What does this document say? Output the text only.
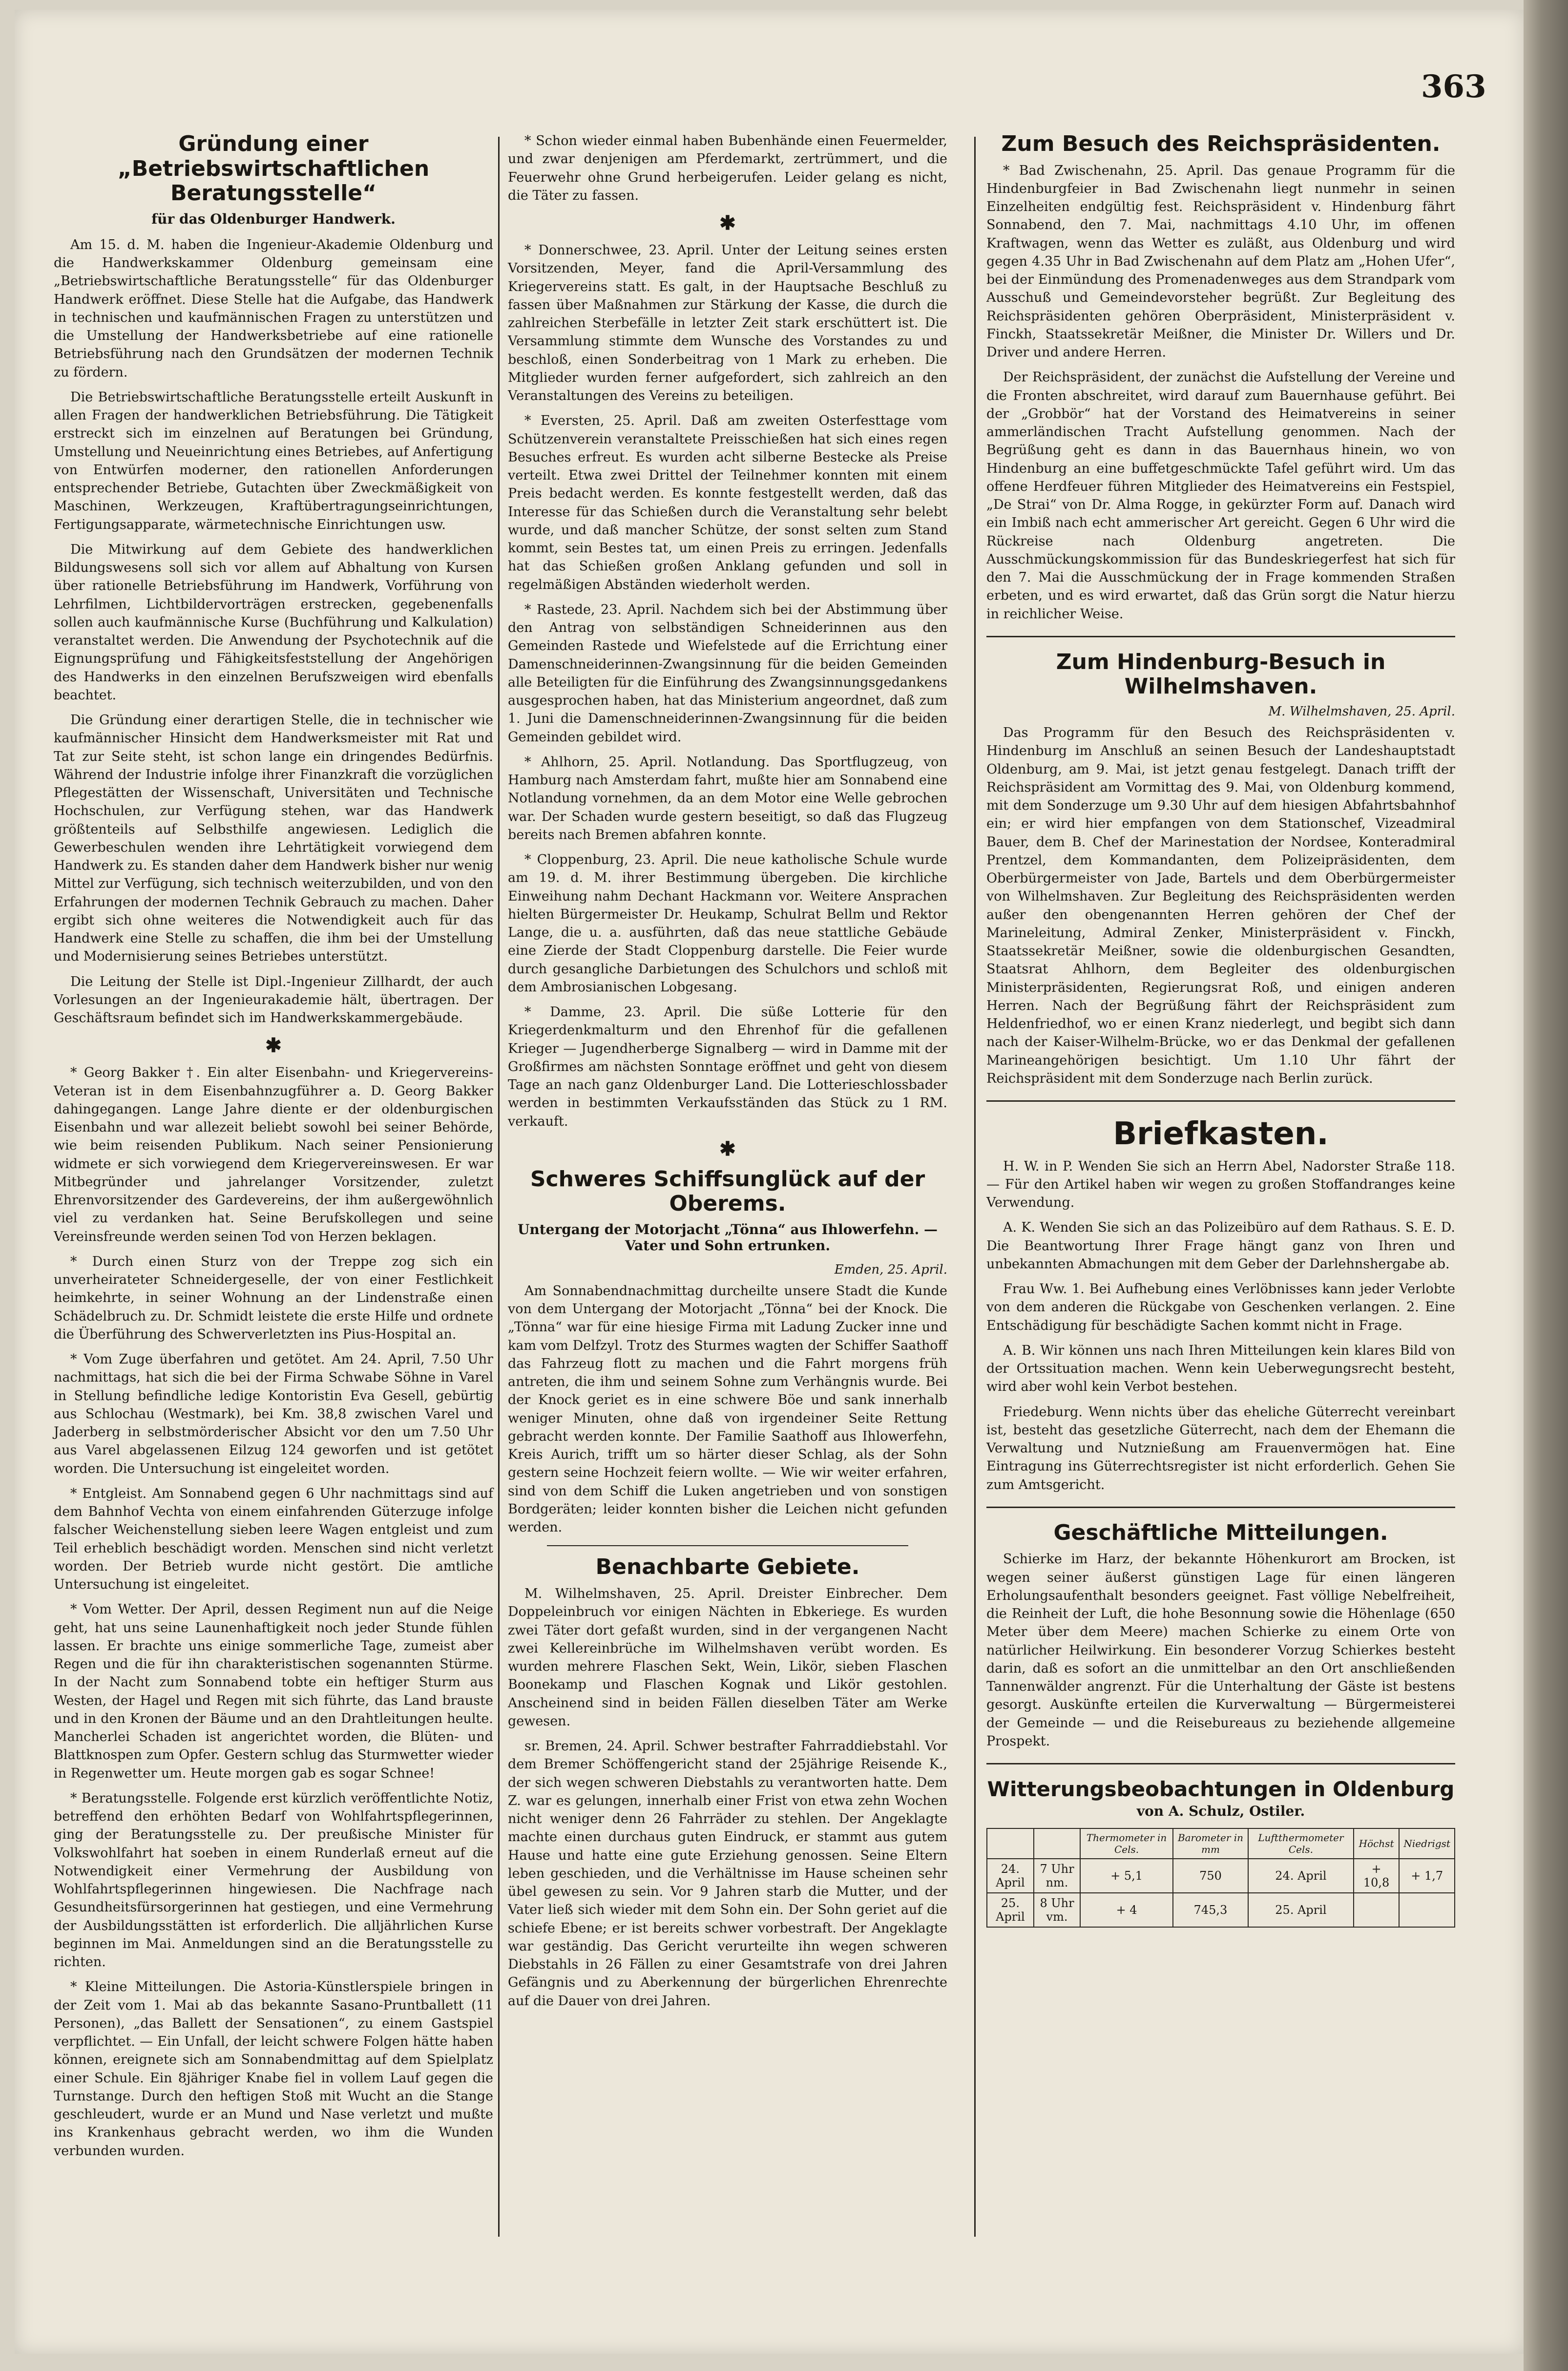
363
Gründung einer „Betriebswirtschaftlichen Beratungsstelle“
für das Oldenburger Handwerk.

Am 15. d. M. haben die Ingenieur-Akademie Oldenburg und die Handwerkskammer Oldenburg gemeinsam eine „Betriebswirtschaftliche Beratungsstelle“ für das Oldenburger Handwerk eröffnet. Diese Stelle hat die Aufgabe, das Handwerk in technischen und kaufmännischen Fragen zu unterstützen und die Umstellung der Handwerksbetriebe auf eine rationelle Betriebsführung nach den Grundsätzen der modernen Technik zu fördern.

Die Betriebswirtschaftliche Beratungsstelle erteilt Auskunft in allen Fragen der handwerklichen Betriebsführung. Die Tätigkeit erstreckt sich im einzelnen auf Beratungen bei Gründung, Umstellung und Neueinrichtung eines Betriebes, auf Anfertigung von Entwürfen moderner, den rationellen Anforderungen entsprechender Betriebe, Gutachten über Zweckmäßigkeit von Maschinen, Werkzeugen, Kraftübertragungseinrichtungen, Fertigungsapparate, wärmetechnische Einrichtungen usw.

Die Mitwirkung auf dem Gebiete des handwerklichen Bildungswesens soll sich vor allem auf Abhaltung von Kursen über rationelle Betriebsführung im Handwerk, Vorführung von Lehrfilmen, Lichtbildervorträgen erstrecken, gegebenenfalls sollen auch kaufmännische Kurse (Buchführung und Kalkulation) veranstaltet werden. Die Anwendung der Psychotechnik auf die Eignungsprüfung und Fähigkeitsfeststellung der Angehörigen des Handwerks in den einzelnen Berufszweigen wird ebenfalls beachtet.

Die Gründung einer derartigen Stelle, die in technischer wie kaufmännischer Hinsicht dem Handwerksmeister mit Rat und Tat zur Seite steht, ist schon lange ein dringendes Bedürfnis. Während der Industrie infolge ihrer Finanzkraft die vorzüglichen Pflegestätten der Wissenschaft, Universitäten und Technische Hochschulen, zur Verfügung stehen, war das Handwerk größtenteils auf Selbsthilfe angewiesen. Lediglich die Gewerbeschulen wenden ihre Lehrtätigkeit vorwiegend dem Handwerk zu. Es standen daher dem Handwerk bisher nur wenig Mittel zur Verfügung, sich technisch weiterzubilden, und von den Erfahrungen der modernen Technik Gebrauch zu machen. Daher ergibt sich ohne weiteres die Notwendigkeit auch für das Handwerk eine Stelle zu schaffen, die ihm bei der Umstellung und Modernisierung seines Betriebes unterstützt.

Die Leitung der Stelle ist Dipl.-Ingenieur Zillhardt, der auch Vorlesungen an der Ingenieurakademie hält, übertragen. Der Geschäftsraum befindet sich im Handwerkskammergebäude.

✱

* Georg Bakker †. Ein alter Eisenbahn- und Kriegervereins-Veteran ist in dem Eisenbahnzugführer a. D. Georg Bakker dahingegangen. Lange Jahre diente er der oldenburgischen Eisenbahn und war allezeit beliebt sowohl bei seiner Behörde, wie beim reisenden Publikum. Nach seiner Pensionierung widmete er sich vorwiegend dem Kriegervereinswesen. Er war Mitbegründer und jahrelanger Vorsitzender, zuletzt Ehrenvorsitzender des Gardevereins, der ihm außergewöhnlich viel zu verdanken hat. Seine Berufskollegen und seine Vereinsfreunde werden seinen Tod von Herzen beklagen.

* Durch einen Sturz von der Treppe zog sich ein unverheirateter Schneidergeselle, der von einer Festlichkeit heimkehrte, in seiner Wohnung an der Lindenstraße einen Schädelbruch zu. Dr. Schmidt leistete die erste Hilfe und ordnete die Überführung des Schwerverletzten ins Pius-Hospital an.

* Vom Zuge überfahren und getötet. Am 24. April, 7.50 Uhr nachmittags, hat sich die bei der Firma Schwabe Söhne in Varel in Stellung befindliche ledige Kontoristin Eva Gesell, gebürtig aus Schlochau (Westmark), bei Km. 38,8 zwischen Varel und Jaderberg in selbstmörderischer Absicht vor den um 7.50 Uhr aus Varel abgelassenen Eilzug 124 geworfen und ist getötet worden. Die Untersuchung ist eingeleitet worden.

* Entgleist. Am Sonnabend gegen 6 Uhr nachmittags sind auf dem Bahnhof Vechta von einem einfahrenden Güterzuge infolge falscher Weichenstellung sieben leere Wagen entgleist und zum Teil erheblich beschädigt worden. Menschen sind nicht verletzt worden. Der Betrieb wurde nicht gestört. Die amtliche Untersuchung ist eingeleitet.

* Vom Wetter. Der April, dessen Regiment nun auf die Neige geht, hat uns seine Launenhaftigkeit noch jeder Stunde fühlen lassen. Er brachte uns einige sommerliche Tage, zumeist aber Regen und die für ihn charakteristischen sogenannten Stürme. In der Nacht zum Sonnabend tobte ein heftiger Sturm aus Westen, der Hagel und Regen mit sich führte, das Land brauste und in den Kronen der Bäume und an den Drahtleitungen heulte. Mancherlei Schaden ist angerichtet worden, die Blüten- und Blattknospen zum Opfer. Gestern schlug das Sturmwetter wieder in Regenwetter um. Heute morgen gab es sogar Schnee!

* Beratungsstelle. Folgende erst kürzlich veröffentlichte Notiz, betreffend den erhöhten Bedarf von Wohlfahrtspflegerinnen, ging der Beratungsstelle zu. Der preußische Minister für Volkswohlfahrt hat soeben in einem Runderlaß erneut auf die Notwendigkeit einer Vermehrung der Ausbildung von Wohlfahrtspflegerinnen hingewiesen. Die Nachfrage nach Gesundheitsfürsorgerinnen hat gestiegen, und eine Vermehrung der Ausbildungsstätten ist erforderlich. Die alljährlichen Kurse beginnen im Mai. Anmeldungen sind an die Beratungsstelle zu richten.

* Kleine Mitteilungen. Die Astoria-Künstlerspiele bringen in der Zeit vom 1. Mai ab das bekannte Sasano-Pruntballett (11 Personen), „das Ballett der Sensationen“, zu einem Gastspiel verpflichtet. — Ein Unfall, der leicht schwere Folgen hätte haben können, ereignete sich am Sonnabendmittag auf dem Spielplatz einer Schule. Ein 8jähriger Knabe fiel in vollem Lauf gegen die Turnstange. Durch den heftigen Stoß mit Wucht an die Stange geschleudert, wurde er an Mund und Nase verletzt und mußte ins Krankenhaus gebracht werden, wo ihm die Wunden verbunden wurden.

* Schon wieder einmal haben Bubenhände einen Feuermelder, und zwar denjenigen am Pferdemarkt, zertrümmert, und die Feuerwehr ohne Grund herbeigerufen. Leider gelang es nicht, die Täter zu fassen.

✱

* Donnerschwee, 23. April. Unter der Leitung seines ersten Vorsitzenden, Meyer, fand die April-Versammlung des Kriegervereins statt. Es galt, in der Hauptsache Beschluß zu fassen über Maßnahmen zur Stärkung der Kasse, die durch die zahlreichen Sterbefälle in letzter Zeit stark erschüttert ist. Die Versammlung stimmte dem Wunsche des Vorstandes zu und beschloß, einen Sonderbeitrag von 1 Mark zu erheben. Die Mitglieder wurden ferner aufgefordert, sich zahlreich an den Veranstaltungen des Vereins zu beteiligen.

* Eversten, 25. April. Daß am zweiten Osterfesttage vom Schützenverein veranstaltete Preisschießen hat sich eines regen Besuches erfreut. Es wurden acht silberne Bestecke als Preise verteilt. Etwa zwei Drittel der Teilnehmer konnten mit einem Preis bedacht werden. Es konnte festgestellt werden, daß das Interesse für das Schießen durch die Veranstaltung sehr belebt wurde, und daß mancher Schütze, der sonst selten zum Stand kommt, sein Bestes tat, um einen Preis zu erringen. Jedenfalls hat das Schießen großen Anklang gefunden und soll in regelmäßigen Abständen wiederholt werden.

* Rastede, 23. April. Nachdem sich bei der Abstimmung über den Antrag von selbständigen Schneiderinnen aus den Gemeinden Rastede und Wiefelstede auf die Errichtung einer Damenschneiderinnen-Zwangsinnung für die beiden Gemeinden alle Beteiligten für die Einführung des Zwangsinnungsgedankens ausgesprochen haben, hat das Ministerium angeordnet, daß zum 1. Juni die Damenschneiderinnen-Zwangsinnung für die beiden Gemeinden gebildet wird.

* Ahlhorn, 25. April. Notlandung. Das Sportflugzeug, von Hamburg nach Amsterdam fahrt, mußte hier am Sonnabend eine Notlandung vornehmen, da an dem Motor eine Welle gebrochen war. Der Schaden wurde gestern beseitigt, so daß das Flugzeug bereits nach Bremen abfahren konnte.

* Cloppenburg, 23. April. Die neue katholische Schule wurde am 19. d. M. ihrer Bestimmung übergeben. Die kirchliche Einweihung nahm Dechant Hackmann vor. Weitere Ansprachen hielten Bürgermeister Dr. Heukamp, Schulrat Bellm und Rektor Lange, die u. a. ausführten, daß das neue stattliche Gebäude eine Zierde der Stadt Cloppenburg darstelle. Die Feier wurde durch gesangliche Darbietungen des Schulchors und schloß mit dem Ambrosianischen Lobgesang.

* Damme, 23. April. Die süße Lotterie für den Kriegerdenkmalturm und den Ehrenhof für die gefallenen Krieger — Jugendherberge Signalberg — wird in Damme mit der Großfirmes am nächsten Sonntage eröffnet und geht von diesem Tage an nach ganz Oldenburger Land. Die Lotterieschlossbader werden in bestimmten Verkaufsständen das Stück zu 1 RM. verkauft.

✱
Schweres Schiffsunglück auf der Oberems.
Untergang der Motorjacht „Tönna“ aus Ihlowerfehn. — Vater und Sohn ertrunken.
Emden, 25. April.

Am Sonnabendnachmittag durcheilte unsere Stadt die Kunde von dem Untergang der Motorjacht „Tönna“ bei der Knock. Die „Tönna“ war für eine hiesige Firma mit Ladung Zucker inne und kam vom Delfzyl. Trotz des Sturmes wagten der Schiffer Saathoff das Fahrzeug flott zu machen und die Fahrt morgens früh antreten, die ihm und seinem Sohne zum Verhängnis wurde. Bei der Knock geriet es in eine schwere Böe und sank innerhalb weniger Minuten, ohne daß von irgendeiner Seite Rettung gebracht werden konnte. Der Familie Saathoff aus Ihlowerfehn, Kreis Aurich, trifft um so härter dieser Schlag, als der Sohn gestern seine Hochzeit feiern wollte. — Wie wir weiter erfahren, sind von dem Schiff die Luken angetrieben und von sonstigen Bordgeräten; leider konnten bisher die Leichen nicht gefunden werden.

Benachbarte Gebiete.

M. Wilhelmshaven, 25. April. Dreister Einbrecher. Dem Doppeleinbruch vor einigen Nächten in Ebkeriege. Es wurden zwei Täter dort gefaßt wurden, sind in der vergangenen Nacht zwei Kellereinbrüche im Wilhelmshaven verübt worden. Es wurden mehrere Flaschen Sekt, Wein, Likör, sieben Flaschen Boonekamp und Flaschen Kognak und Likör gestohlen. Anscheinend sind in beiden Fällen dieselben Täter am Werke gewesen.

sr. Bremen, 24. April. Schwer bestrafter Fahrraddiebstahl. Vor dem Bremer Schöffengericht stand der 25jährige Reisende K., der sich wegen schweren Diebstahls zu verantworten hatte. Dem Z. war es gelungen, innerhalb einer Frist von etwa zehn Wochen nicht weniger denn 26 Fahrräder zu stehlen. Der Angeklagte machte einen durchaus guten Eindruck, er stammt aus gutem Hause und hatte eine gute Erziehung genossen. Seine Eltern leben geschieden, und die Verhältnisse im Hause scheinen sehr übel gewesen zu sein. Vor 9 Jahren starb die Mutter, und der Vater ließ sich wieder mit dem Sohn ein. Der Sohn geriet auf die schiefe Ebene; er ist bereits schwer vorbestraft. Der Angeklagte war geständig. Das Gericht verurteilte ihn wegen schweren Diebstahls in 26 Fällen zu einer Gesamtstrafe von drei Jahren Gefängnis und zu Aberkennung der bürgerlichen Ehrenrechte auf die Dauer von drei Jahren.

Zum Besuch des Reichspräsidenten.

* Bad Zwischenahn, 25. April. Das genaue Programm für die Hindenburgfeier in Bad Zwischenahn liegt nunmehr in seinen Einzelheiten endgültig fest. Reichspräsident v. Hindenburg fährt Sonnabend, den 7. Mai, nachmittags 4.10 Uhr, im offenen Kraftwagen, wenn das Wetter es zuläßt, aus Oldenburg und wird gegen 4.35 Uhr in Bad Zwischenahn auf dem Platz am „Hohen Ufer“, bei der Einmündung des Promenadenweges aus dem Strandpark vom Ausschuß und Gemeindevorsteher begrüßt. Zur Begleitung des Reichspräsidenten gehören Oberpräsident, Ministerpräsident v. Finckh, Staatssekretär Meißner, die Minister Dr. Willers und Dr. Driver und andere Herren.

Der Reichspräsident, der zunächst die Aufstellung der Vereine und die Fronten abschreitet, wird darauf zum Bauernhause geführt. Bei der „Grobbör“ hat der Vorstand des Heimatvereins in seiner ammerländischen Tracht Aufstellung genommen. Nach der Begrüßung geht es dann in das Bauernhaus hinein, wo von Hindenburg an eine buffetgeschmückte Tafel geführt wird. Um das offene Herdfeuer führen Mitglieder des Heimatvereins ein Festspiel, „De Strai“ von Dr. Alma Rogge, in gekürzter Form auf. Danach wird ein Imbiß nach echt ammerischer Art gereicht. Gegen 6 Uhr wird die Rückreise nach Oldenburg angetreten. Die Ausschmückungskommission für das Bundeskriegerfest hat sich für den 7. Mai die Ausschmückung der in Frage kommenden Straßen erbeten, und es wird erwartet, daß das Grün sorgt die Natur hierzu in reichlicher Weise.

Zum Hindenburg-Besuch in Wilhelmshaven.
M. Wilhelmshaven, 25. April.

Das Programm für den Besuch des Reichspräsidenten v. Hindenburg im Anschluß an seinen Besuch der Landeshauptstadt Oldenburg, am 9. Mai, ist jetzt genau festgelegt. Danach trifft der Reichspräsident am Vormittag des 9. Mai, von Oldenburg kommend, mit dem Sonderzuge um 9.30 Uhr auf dem hiesigen Abfahrtsbahnhof ein; er wird hier empfangen von dem Stationschef, Vizeadmiral Bauer, dem B. Chef der Marinestation der Nordsee, Konteradmiral Prentzel, dem Kommandanten, dem Polizeipräsidenten, dem Oberbürgermeister von Jade, Bartels und dem Oberbürgermeister von Wilhelmshaven. Zur Begleitung des Reichspräsidenten werden außer den obengenannten Herren gehören der Chef der Marineleitung, Admiral Zenker, Ministerpräsident v. Finckh, Staatssekretär Meißner, sowie die oldenburgischen Gesandten, Staatsrat Ahlhorn, dem Begleiter des oldenburgischen Ministerpräsidenten, Regierungsrat Roß, und einigen anderen Herren. Nach der Begrüßung fährt der Reichspräsident zum Heldenfriedhof, wo er einen Kranz niederlegt, und begibt sich dann nach der Kaiser-Wilhelm-Brücke, wo er das Denkmal der gefallenen Marineangehörigen besichtigt. Um 1.10 Uhr fährt der Reichspräsident mit dem Sonderzuge nach Berlin zurück.

Briefkasten.

H. W. in P. Wenden Sie sich an Herrn Abel, Nadorster Straße 118. — Für den Artikel haben wir wegen zu großen Stoffandranges keine Verwendung.

A. K. Wenden Sie sich an das Polizeibüro auf dem Rathaus. S. E. D. Die Beantwortung Ihrer Frage hängt ganz von Ihren und unbekannten Abmachungen mit dem Geber der Darlehnshergabe ab.

Frau Ww. 1. Bei Aufhebung eines Verlöbnisses kann jeder Verlobte von dem anderen die Rückgabe von Geschenken verlangen. 2. Eine Entschädigung für beschädigte Sachen kommt nicht in Frage.

A. B. Wir können uns nach Ihren Mitteilungen kein klares Bild von der Ortssituation machen. Wenn kein Ueberwegungsrecht besteht, wird aber wohl kein Verbot bestehen.

Friedeburg. Wenn nichts über das eheliche Güterrecht vereinbart ist, besteht das gesetzliche Güterrecht, nach dem der Ehemann die Verwaltung und Nutznießung am Frauenvermögen hat. Eine Eintragung ins Güterrechtsregister ist nicht erforderlich. Gehen Sie zum Amtsgericht.

Geschäftliche Mitteilungen.

Schierke im Harz, der bekannte Höhenkurort am Brocken, ist wegen seiner äußerst günstigen Lage für einen längeren Erholungsaufenthalt besonders geeignet. Fast völlige Nebelfreiheit, die Reinheit der Luft, die hohe Besonnung sowie die Höhenlage (650 Meter über dem Meere) machen Schierke zu einem Orte von natürlicher Heilwirkung. Ein besonderer Vorzug Schierkes besteht darin, daß es sofort an die unmittelbar an den Ort anschließenden Tannenwälder angrenzt. Für die Unterhaltung der Gäste ist bestens gesorgt. Auskünfte erteilen die Kurverwaltung — Bürgermeisterei der Gemeinde — und die Reisebureaus zu beziehende allgemeine Prospekt.

Witterungsbeobachtungen in Oldenburg
von A. Schulz, Ostiler.
		Thermometer in Cels.	Barometer in mm	Luftthermometer Cels.	Höchst	Niedrigst
24. April	7 Uhr nm.	+ 5,1	750	24. April	+ 10,8	+ 1,7
25. April	8 Uhr vm.	+ 4	745,3	25. April		
